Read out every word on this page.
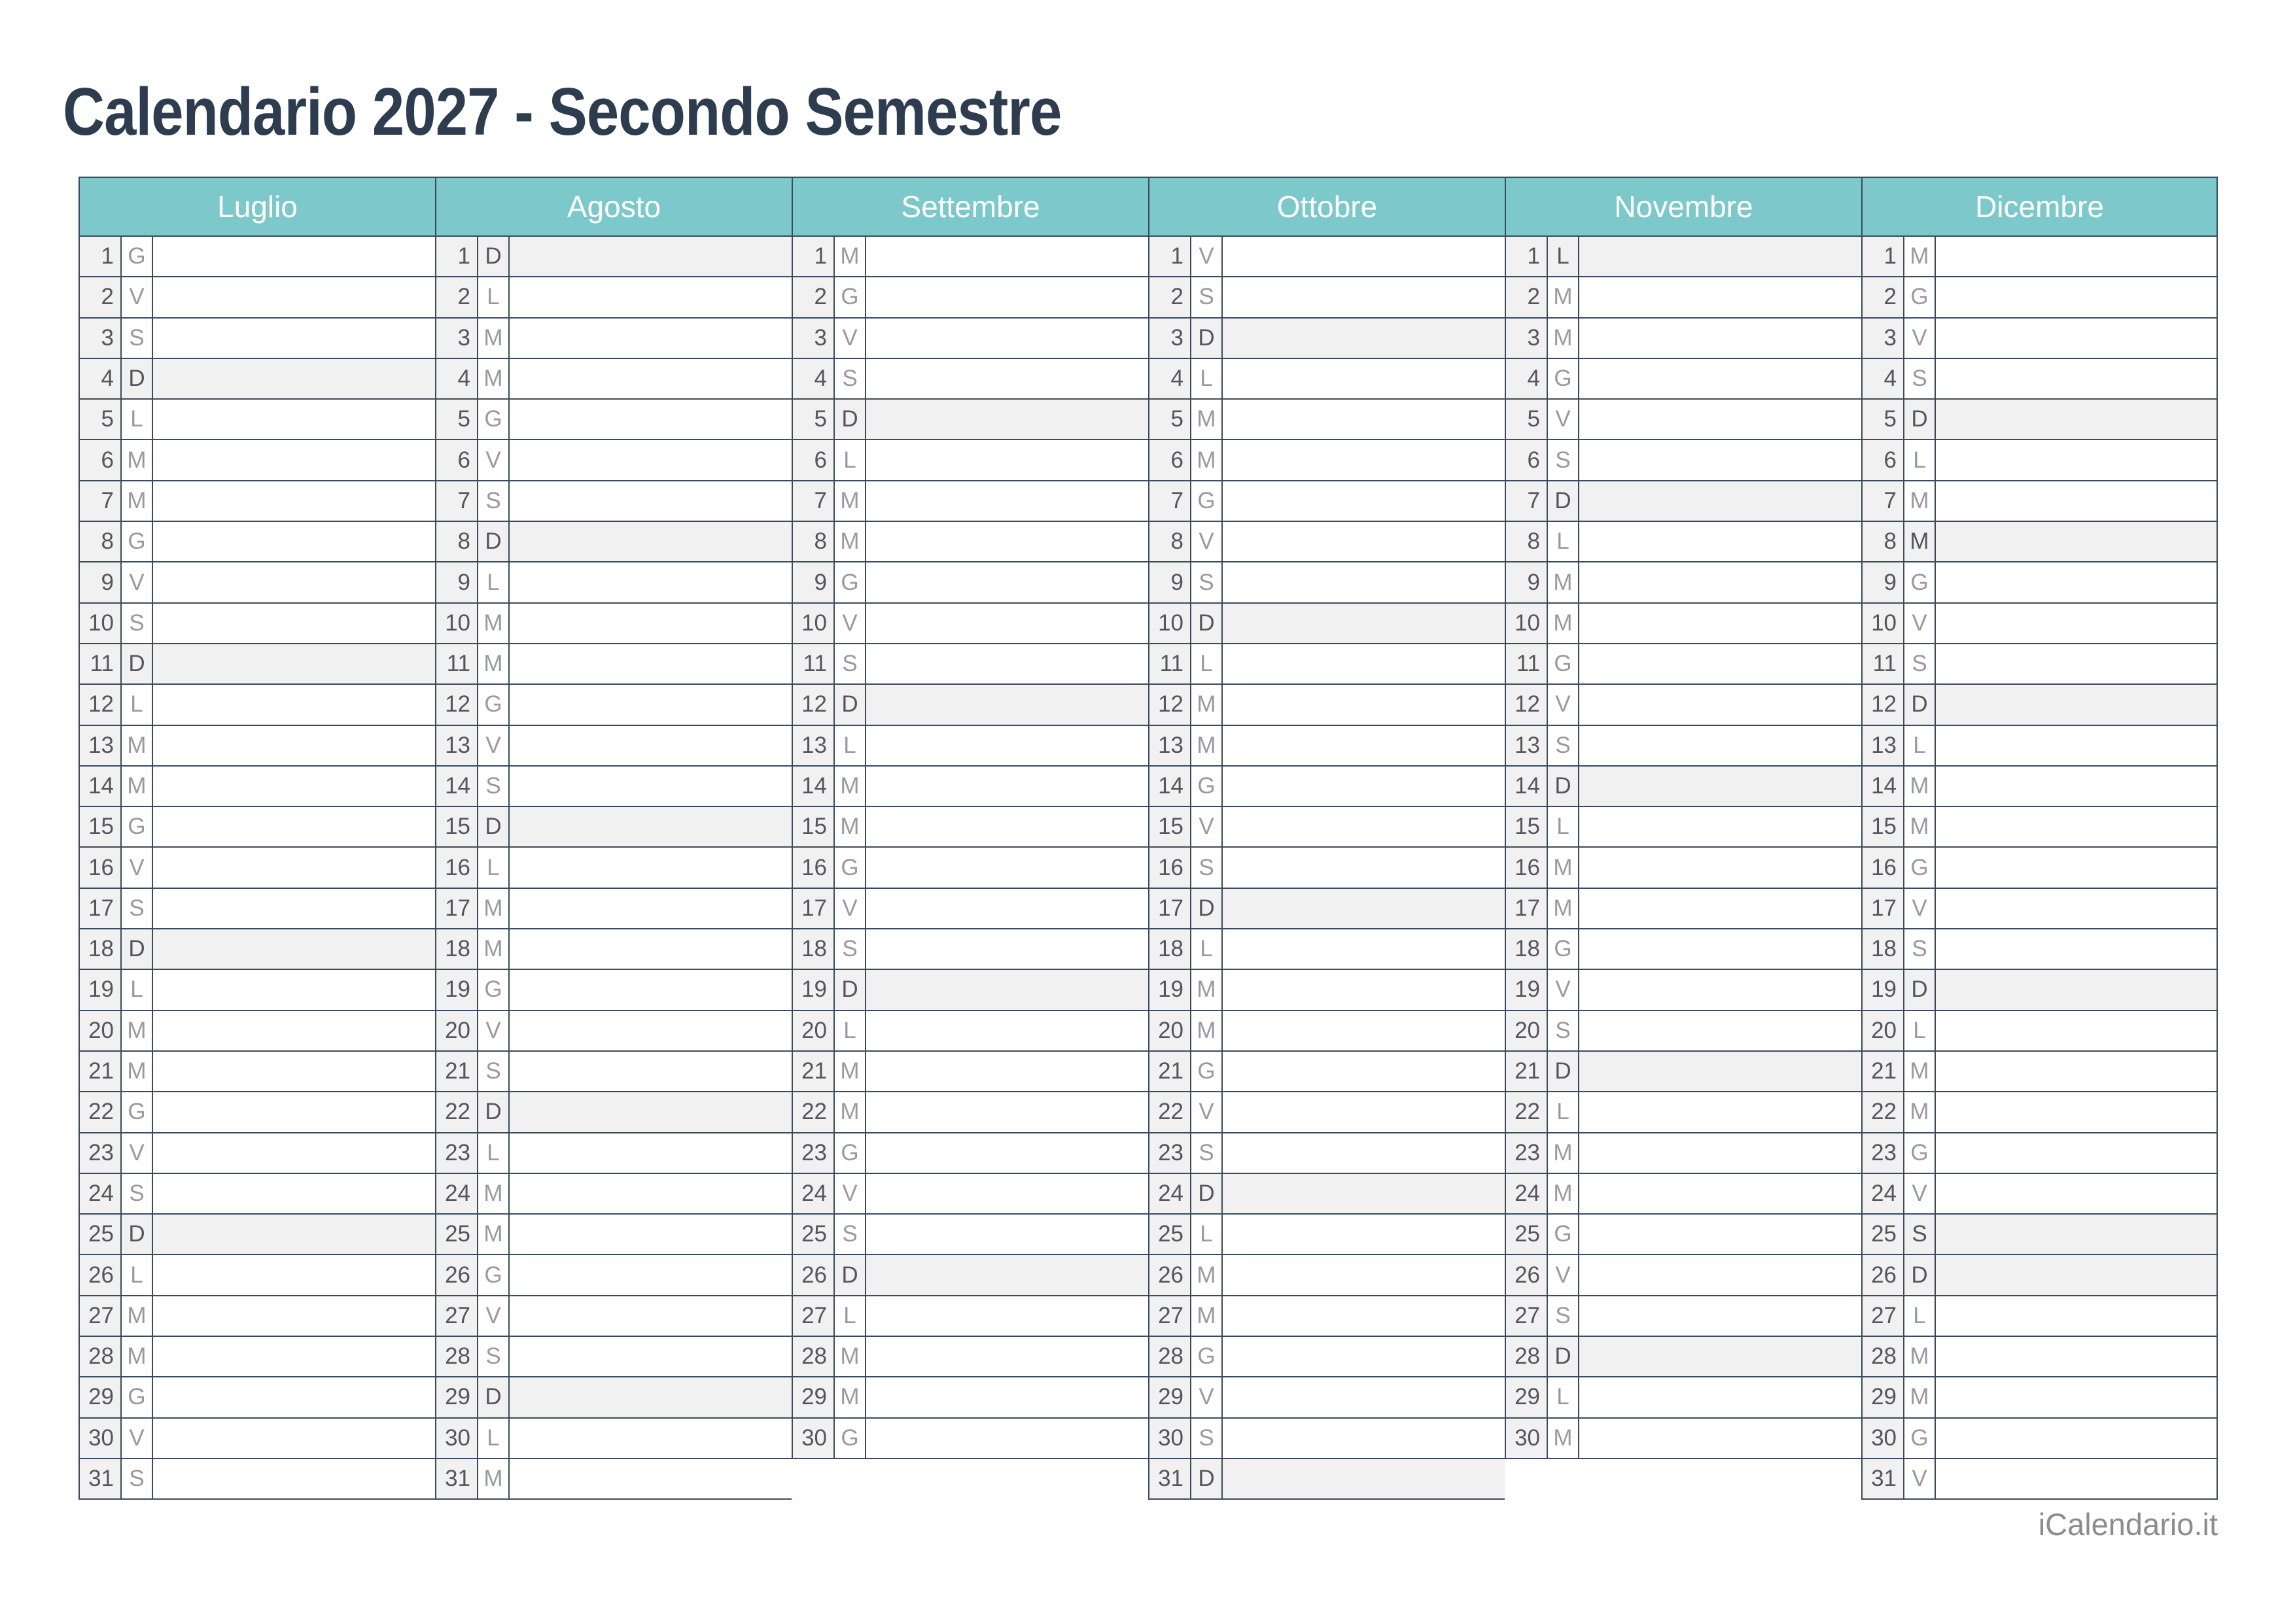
Calendario 2027 - Secondo Semestre
Luglio
1 G
2 V
3 S
4 D
5 L
6 M
7 M
8 G
9 V
10 S
11 D
12 L
13 M
14 M
15 G
16 V
17 S
18 D
19 L
20 M
21 M
22 G
23 V
24 S
25 D
26 L
27 M
28 M
29 G
30 V
31 S
Agosto
1 D
2 L
3 M
4 M
5 G
6 V
7 S
8 D
9 L
10 M
11 M
12 G
13 V
14 S
15 D
16 L
17 M
18 M
19 G
20 V
21 S
22 D
23 L
24 M
25 M
26 G
27 V
28 S
29 D
30 L
31 M
Settembre
1 M
2 G
3 V
4 S
5 D
6 L
7 M
8 M
9 G
10 V
11 S
12 D
13 L
14 M
15 M
16 G
17 V
18 S
19 D
20 L
21 M
22 M
23 G
24 V
25 S
26 D
27 L
28 M
29 M
30 G
Ottobre
1 V
2 S
3 D
4 L
5 M
6 M
7 G
8 V
9 S
10 D
11 L
12 M
13 M
14 G
15 V
16 S
17 D
18 L
19 M
20 M
21 G
22 V
23 S
24 D
25 L
26 M
27 M
28 G
29 V
30 S
31 D
Novembre
1 L
2 M
3 M
4 G
5 V
6 S
7 D
8 L
9 M
10 M
11 G
12 V
13 S
14 D
15 L
16 M
17 M
18 G
19 V
20 S
21 D
22 L
23 M
24 M
25 G
26 V
27 S
28 D
29 L
30 M
Dicembre
1 M
2 G
3 V
4 S
5 D
6 L
7 M
8 M
9 G
10 V
11 S
12 D
13 L
14 M
15 M
16 G
17 V
18 S
19 D
20 L
21 M
22 M
23 G
24 V
25 S
26 D
27 L
28 M
29 M
30 G
31 V
iCalendario.it
